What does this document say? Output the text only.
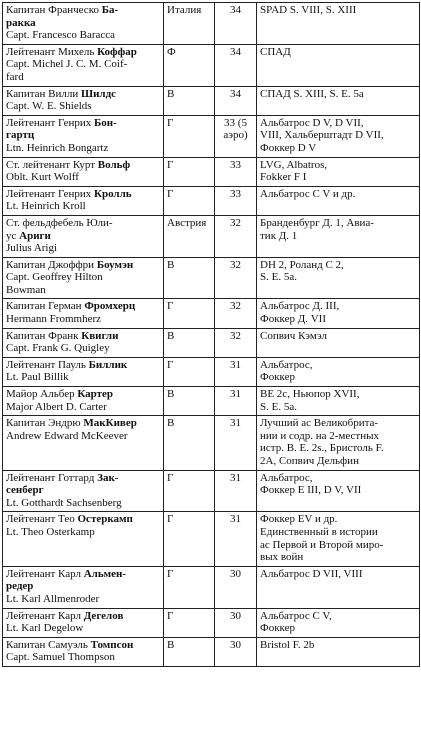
Капитан Франческо Ба-
ракка
Capt. Francesco Baracca	Италия	34	SPAD S. VIII, S. XIII

Лейтенант Михель Коффар
Capt. Michel J. C. M. Coif-
fard	Ф	34	СПАД

Капитан Вилли Шилдс
Capt. W. E. Shields	В	34	СПАД S. XIII, S. E. 5a

Лейтенант Генрих Бон-
гартц
Ltn. Heinrich Bongartz	Г	33 (5
аэро)	Альбатрос D V, D VII,
VIII, Хальберштадт D VII,
Фоккер D V

Ст. лейтенант Курт Вольф
Oblt. Kurt Wolff	Г	33	LVG, Albatros,
Fokker F I

Лейтенант Генрих Кролль
Lt. Heinrich Kroll	Г	33	Альбатрос C V и др.

Ст. фельдфебель Юли-
ус Ариги
Julius Arigi	Австрия	32	Бранденбург Д. 1, Авиа-
тик Д. 1

Капитан Джоффри Боумэн
Capt. Geoffrey Hilton
Bowman	В	32	DH 2, Роланд C 2,
S. E. 5a.

Капитан Герман Фромхерц
Hermann Frommherz	Г	32	Альбатрос Д. III,
Фоккер Д. VII

Капитан Франк Квигли
Capt. Frank G. Quigley	В	32	Сопвич Кэмэл

Лейтенант Пауль Биллик
Lt. Paul Billik	Г	31	Альбатрос,
Фоккер

Майор Альбер Картер
Major Albert D. Carter	В	31	BE 2c, Ньюпор XVII,
S. E. 5a.

Капитан Эндрю МакКивер
Andrew Edward McKeever	В	31	Лучший ас Великобрита-
нии и содр. на 2-местных
истр. В. Е. 2s., Бристоль F.
2A, Сопвич Дельфин

Лейтенант Готтард Зак-
сенберг
Lt. Gotthardt Sachsenberg	Г	31	Альбатрос,
Фоккер E III, D V, VII

Лейтенант Тео Остеркамп
Lt. Theo Osterkamp	Г	31	Фоккер EV и др.
Единственный в истории
ас Первой и Второй миро-
вых войн

Лейтенант Карл Альмен-
редер
Lt. Karl Allmenroder	Г	30	Альбатрос D VII, VIII

Лейтенант Карл Дегелов
Lt. Karl Degelow	Г	30	Альбатрос C V,
Фоккер

Капитан Самуэль Томпсон
Capt. Samuel Thompson	В	30	Bristol F. 2b
